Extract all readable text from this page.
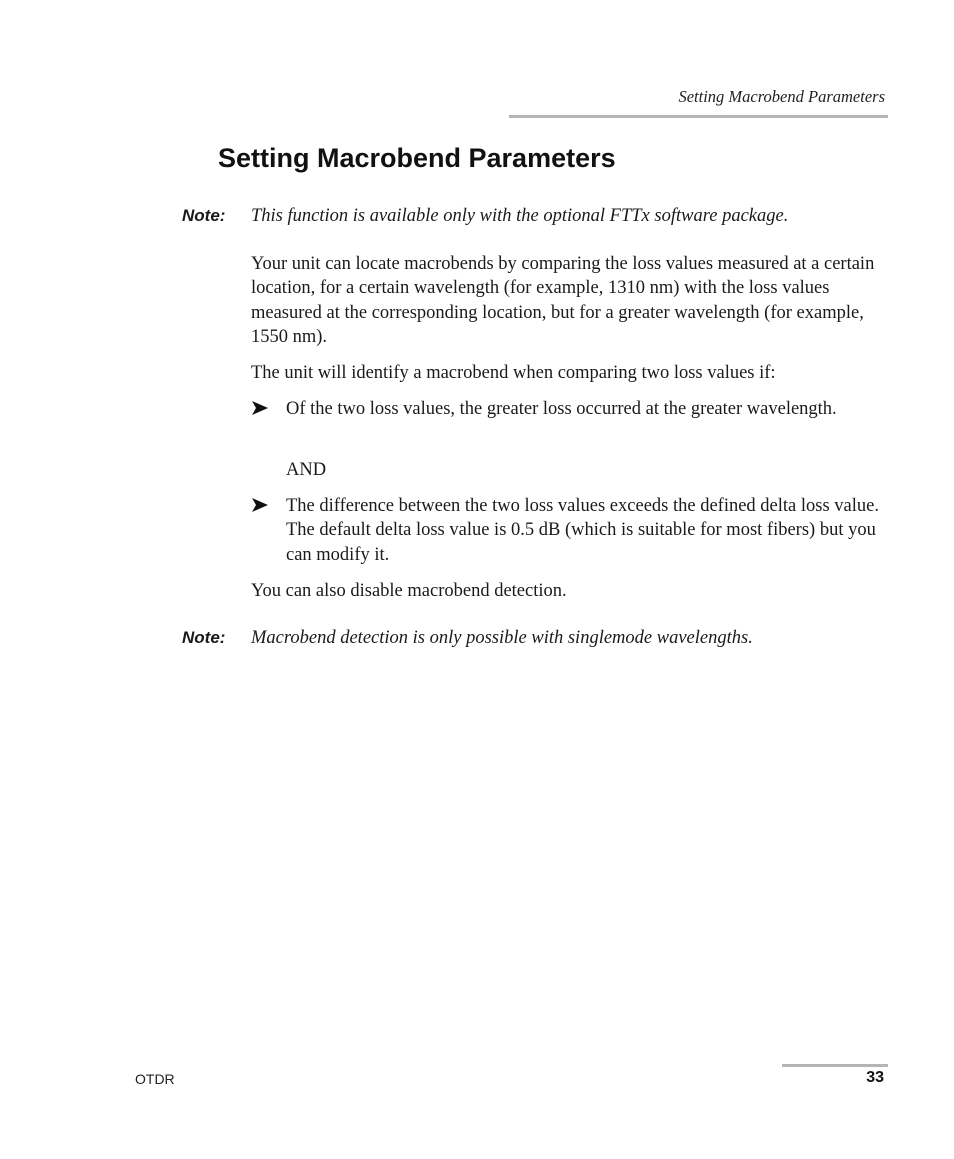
Setting Macrobend Parameters
Setting Macrobend Parameters
Note: This function is available only with the optional FTTx software package.

Your unit can locate macrobends by comparing the loss values measured at a certain location, for a certain wavelength (for example, 1310 nm) with the loss values measured at the corresponding location, but for a greater wavelength (for example, 1550 nm).

The unit will identify a macrobend when comparing two loss values if:

Of the two loss values, the greater loss occurred at the greater wavelength.
AND
The difference between the two loss values exceeds the defined delta loss value. The default delta loss value is 0.5 dB (which is suitable for most fibers) but you can modify it.

You can also disable macrobend detection.

Note: Macrobend detection is only possible with singlemode wavelengths.
OTDR	33
